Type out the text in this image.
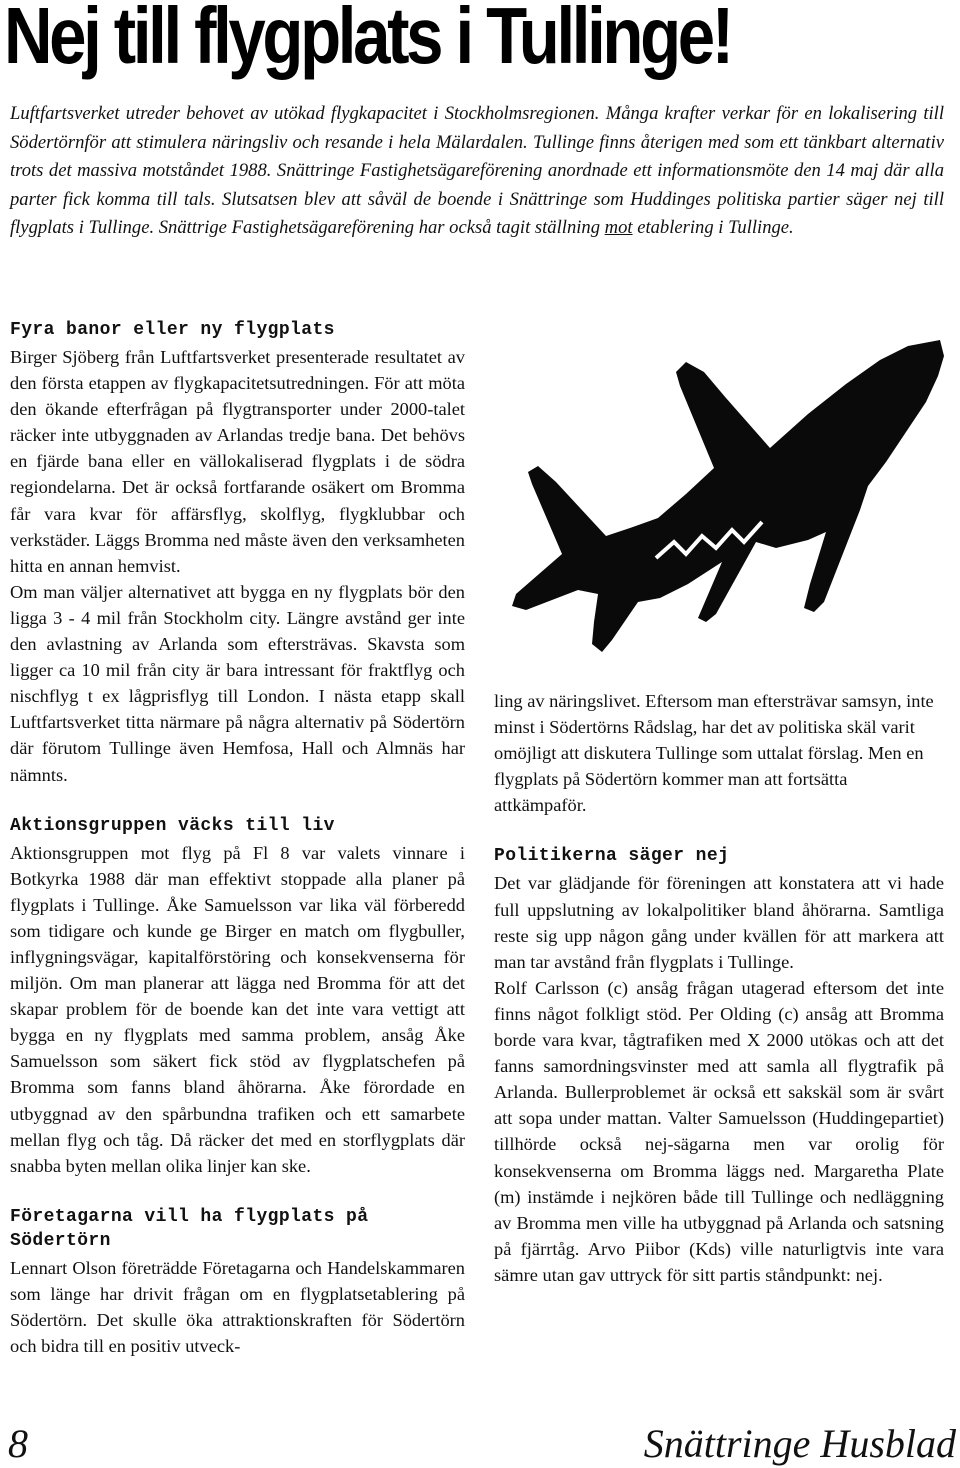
Nej till flygplats i Tullinge!

Luftfartsverket utreder behovet av utökad flygkapacitet i Stockholmsregionen. Många krafter verkar för en lokalisering till Södertörnför att stimulera näringsliv och resande i hela Mälardalen. Tullinge finns återigen med som ett tänkbart alternativ trots det massiva motståndet 1988. Snättringe Fastighetsägareförening anordnade ett informationsmöte den 14 maj där alla parter fick komma till tals. Slutsatsen blev att såväl de boende i Snättringe som Huddinges politiska partier säger nej till flygplats i Tullinge. Snättrige Fastighetsägareförening har också tagit ställning mot etablering i Tullinge.

Fyra banor eller ny flygplats

Birger Sjöberg från Luftfartsverket presenterade resultatet av den första etappen av flygkapacitetsutredningen. För att möta den ökande efterfrågan på flygtransporter under 2000-talet räcker inte utbyggnaden av Arlandas tredje bana. Det behövs en fjärde bana eller en vällokaliserad flygplats i de södra regiondelarna. Det är också fortfarande osäkert om Bromma får vara kvar för affärsflyg, skolflyg, flygklubbar och verkstäder. Läggs Bromma ned måste även den verksamheten hitta en annan hemvist.

Om man väljer alternativet att bygga en ny flygplats bör den ligga 3 - 4 mil från Stockholm city. Längre avstånd ger inte den avlastning av Arlanda som eftersträvas. Skavsta som ligger ca 10 mil från city är bara intressant för fraktflyg och nischflyg t ex lågprisflyg till London. I nästa etapp skall Luftfartsverket titta närmare på några alternativ på Södertörn där förutom Tullinge även Hemfosa, Hall och Almnäs har nämnts.

Aktionsgruppen väcks till liv

Aktionsgruppen mot flyg på Fl 8 var valets vinnare i Botkyrka 1988 där man effektivt stoppade alla planer på flygplats i Tullinge. Åke Samuelsson var lika väl förberedd som tidigare och kunde ge Birger en match om flygbuller, inflygningsvägar, kapitalförstöring och konsekvenserna för miljön. Om man planerar att lägga ned Bromma för att det skapar problem för de boende kan det inte vara vettigt att bygga en ny flygplats med samma problem, ansåg Åke Samuelsson som säkert fick stöd av flygplatschefen på Bromma som fanns bland åhörarna. Åke förordade en utbyggnad av den spårbundna trafiken och ett samarbete mellan flyg och tåg. Då räcker det med en storflygplats där snabba byten mellan olika linjer kan ske.

Företagarna vill ha flygplats på Södertörn

Lennart Olson företrädde Företagarna och Handelskammaren som länge har drivit frågan om en flygplatsetablering på Södertörn. Det skulle öka attraktionskraften för Södertörn och bidra till en positiv utveck-

ling av näringslivet. Eftersom man eftersträvar samsyn, inte minst i Södertörns Rådslag, har det av politiska skäl varit omöjligt att diskutera Tullinge som uttalat förslag. Men en flygplats på Södertörn kommer man att fortsätta attkämpaför.

Politikerna säger nej

Det var glädjande för föreningen att konstatera att vi hade full uppslutning av lokalpolitiker bland åhörarna. Samtliga reste sig upp någon gång under kvällen för att markera att man tar avstånd från flygplats i Tullinge.

Rolf Carlsson (c) ansåg frågan utagerad eftersom det inte finns något folkligt stöd. Per Olding (c) ansåg att Bromma borde vara kvar, tågtrafiken med X 2000 utökas och att det fanns samordningsvinster med att samla all flygtrafik på Arlanda. Bullerproblemet är också ett sakskäl som är svårt att sopa under mattan. Valter Samuelsson (Huddingepartiet) tillhörde också nej-sägarna men var orolig för konsekvenserna om Bromma läggs ned. Margaretha Plate (m) instämde i nejkören både till Tullinge och nedläggning av Bromma men ville ha utbyggnad på Arlanda och satsning på fjärrtåg. Arvo Piibor (Kds) ville naturligtvis inte vara sämre utan gav uttryck för sitt partis ståndpunkt: nej.

8	Snättringe Husblad
